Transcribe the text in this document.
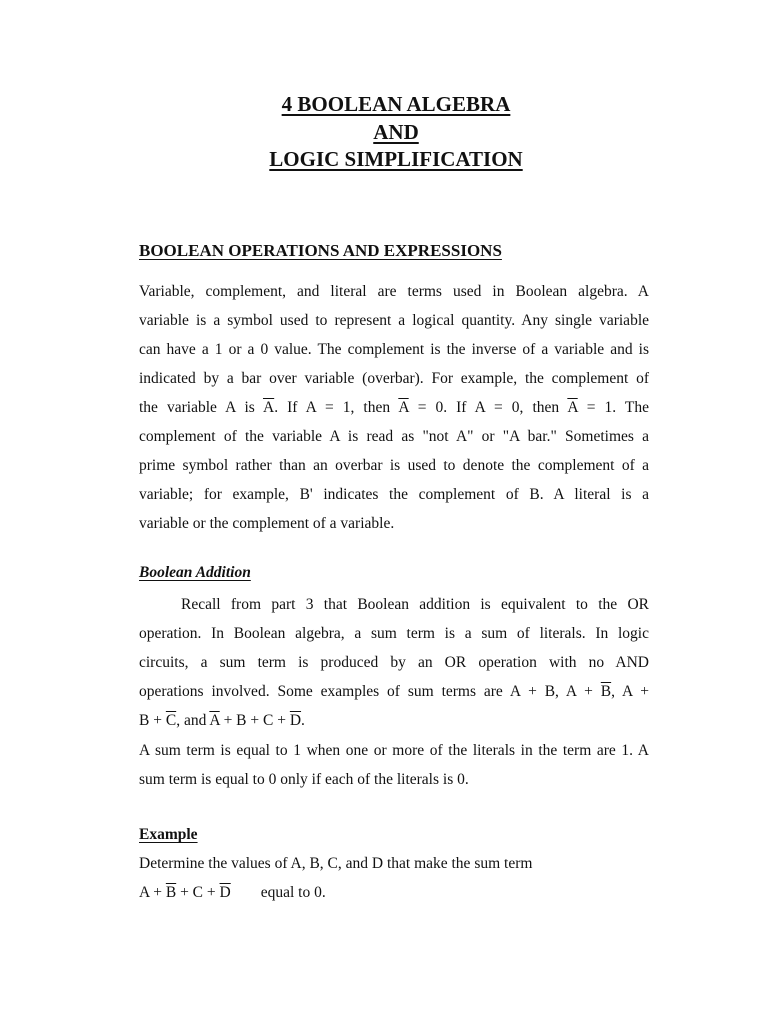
4 BOOLEAN ALGEBRA
AND
LOGIC SIMPLIFICATION
BOOLEAN OPERATIONS AND EXPRESSIONS
Variable, complement, and literal are terms used in Boolean algebra. A
variable is a symbol used to represent a logical quantity. Any single variable
can have a 1 or a 0 value. The complement is the inverse of a variable and is
indicated by a bar over variable (overbar). For example, the complement of
the variable A is $\overline{A}$. If A = 1, then $\overline{A} = 0$. If A = 0, then $\overline{A} = 1$. The
complement of the variable A is read as "not A" or "A bar." Sometimes a
prime symbol rather than an overbar is used to denote the complement of a
variable; for example, B' indicates the complement of B. A literal is a
variable or the complement of a variable.
Boolean Addition
Recall from part 3 that Boolean addition is equivalent to the OR
operation. In Boolean algebra, a sum term is a sum of literals. In logic
circuits, a sum term is produced by an OR operation with no AND
operations involved. Some examples of sum terms are A + B, $A + \overline{B}$, A +
$B + \overline{C}$, and $\overline{A} + B + C + \overline{D}$.
A sum term is equal to 1 when one or more of the literals in the term are 1. A
sum term is equal to 0 only if each of the literals is 0.
Example

Determine the values of A, B, C, and D that make the sum term

$A + \overline{B} + C + \overline{D}$ equal to 0.
